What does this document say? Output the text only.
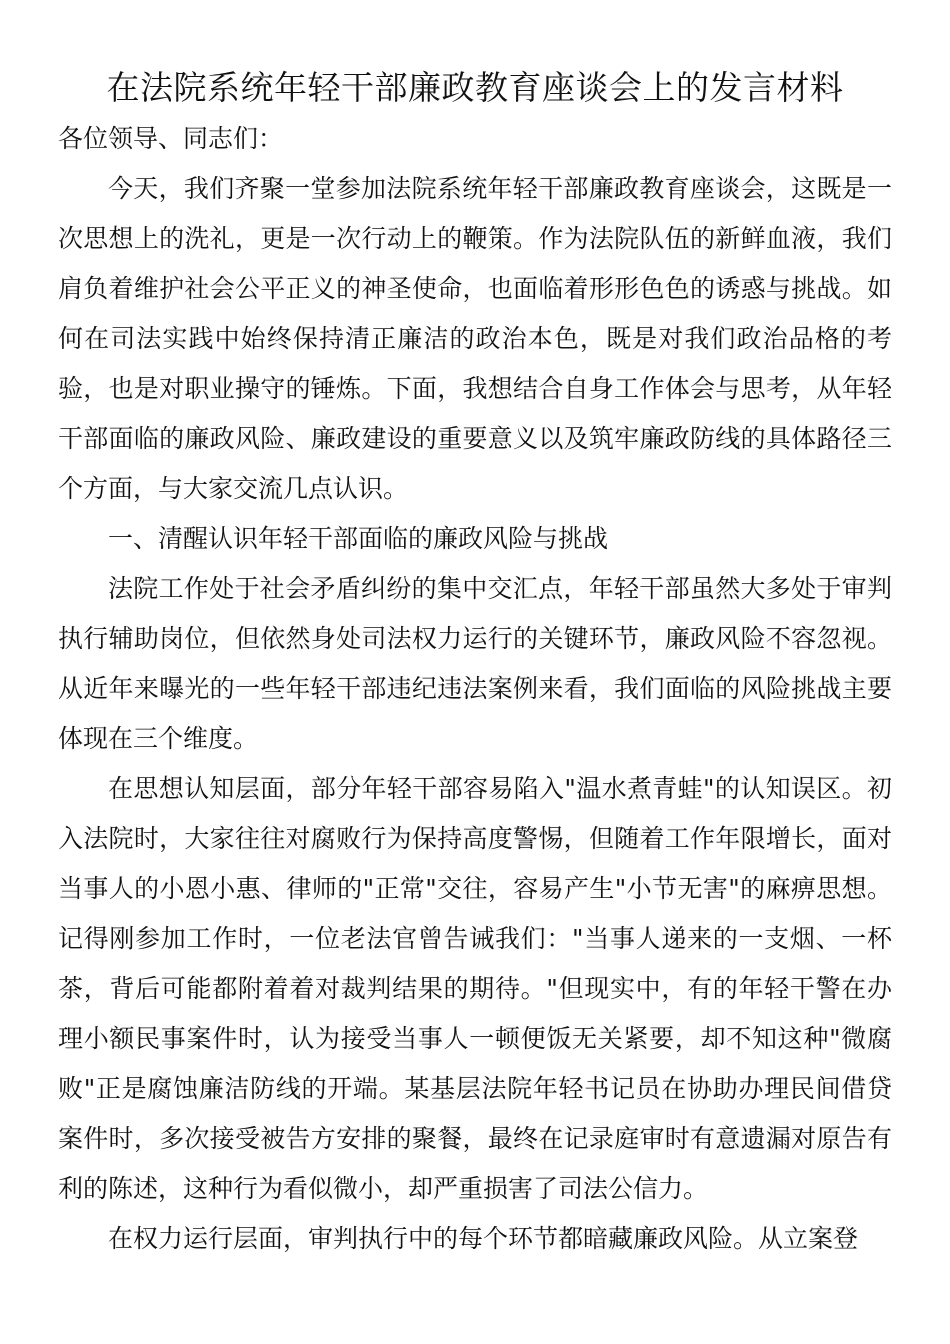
在法院系统年轻干部廉政教育座谈会上的发言材料

各位领导、同志们：

今天，我们齐聚一堂参加法院系统年轻干部廉政教育座谈会，这既是一次思想上的洗礼，更是一次行动上的鞭策。作为法院队伍的新鲜血液，我们肩负着维护社会公平正义的神圣使命，也面临着形形色色的诱惑与挑战。如何在司法实践中始终保持清正廉洁的政治本色，既是对我们政治品格的考验，也是对职业操守的锤炼。下面，我想结合自身工作体会与思考，从年轻干部面临的廉政风险、廉政建设的重要意义以及筑牢廉政防线的具体路径三个方面，与大家交流几点认识。

一、清醒认识年轻干部面临的廉政风险与挑战

法院工作处于社会矛盾纠纷的集中交汇点，年轻干部虽然大多处于审判执行辅助岗位，但依然身处司法权力运行的关键环节，廉政风险不容忽视。从近年来曝光的一些年轻干部违纪违法案例来看，我们面临的风险挑战主要体现在三个维度。

在思想认知层面，部分年轻干部容易陷入"温水煮青蛙"的认知误区。初入法院时，大家往往对腐败行为保持高度警惕，但随着工作年限增长，面对当事人的小恩小惠、律师的"正常"交往，容易产生"小节无害"的麻痹思想。记得刚参加工作时，一位老法官曾告诫我们："当事人递来的一支烟、一杯茶，背后可能都附着着对裁判结果的期待。"但现实中，有的年轻干警在办理小额民事案件时，认为接受当事人一顿便饭无关紧要，却不知这种"微腐败"正是腐蚀廉洁防线的开端。某基层法院年轻书记员在协助办理民间借贷案件时，多次接受被告方安排的聚餐，最终在记录庭审时有意遗漏对原告有利的陈述，这种行为看似微小，却严重损害了司法公信力。

在权力运行层面，审判执行中的每个环节都暗藏廉政风险。从立案登
